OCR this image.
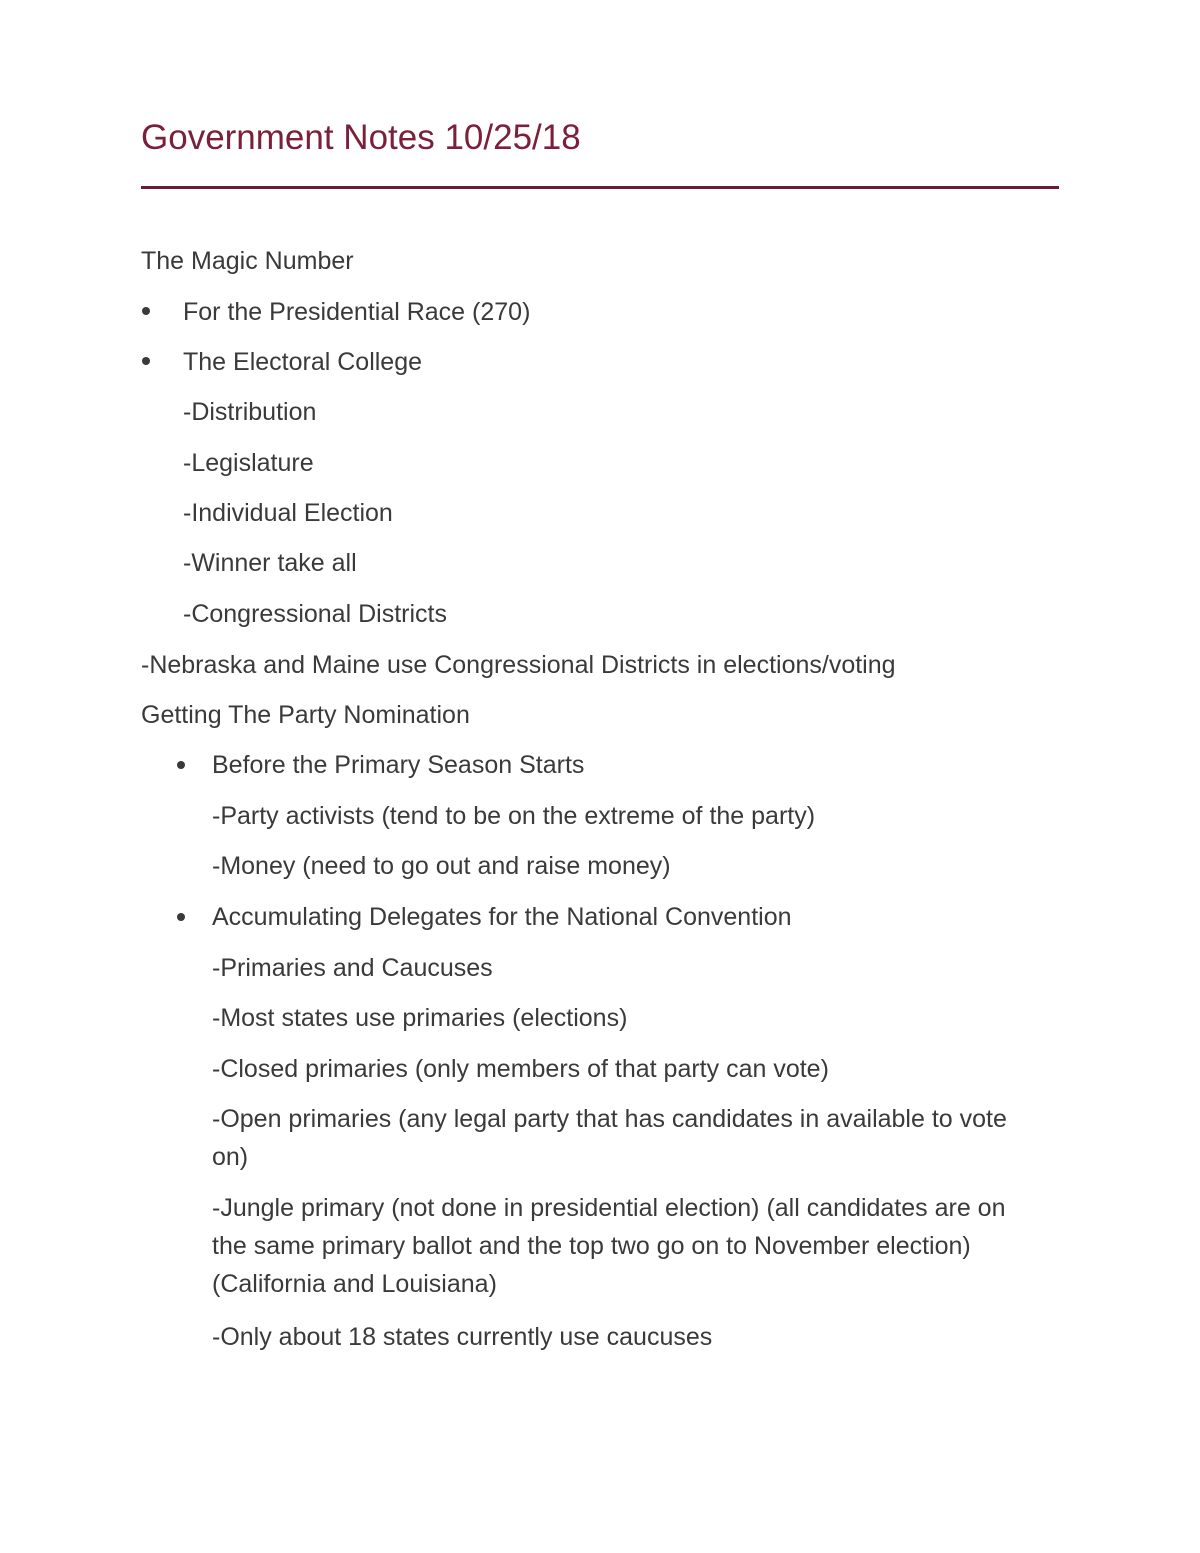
Government Notes 10/25/18
The Magic Number
For the Presidential Race (270)
The Electoral College
-Distribution
-Legislature
-Individual Election
-Winner take all
-Congressional Districts
-Nebraska and Maine use Congressional Districts in elections/voting
Getting The Party Nomination
Before the Primary Season Starts
-Party activists (tend to be on the extreme of the party)
-Money (need to go out and raise money)
Accumulating Delegates for the National Convention
-Primaries and Caucuses
-Most states use primaries (elections)
-Closed primaries (only members of that party can vote)
-Open primaries (any legal party that has candidates in available to vote on)
-Jungle primary (not done in presidential election) (all candidates are on the same primary ballot and the top two go on to November election) (California and Louisiana)
-Only about 18 states currently use caucuses
